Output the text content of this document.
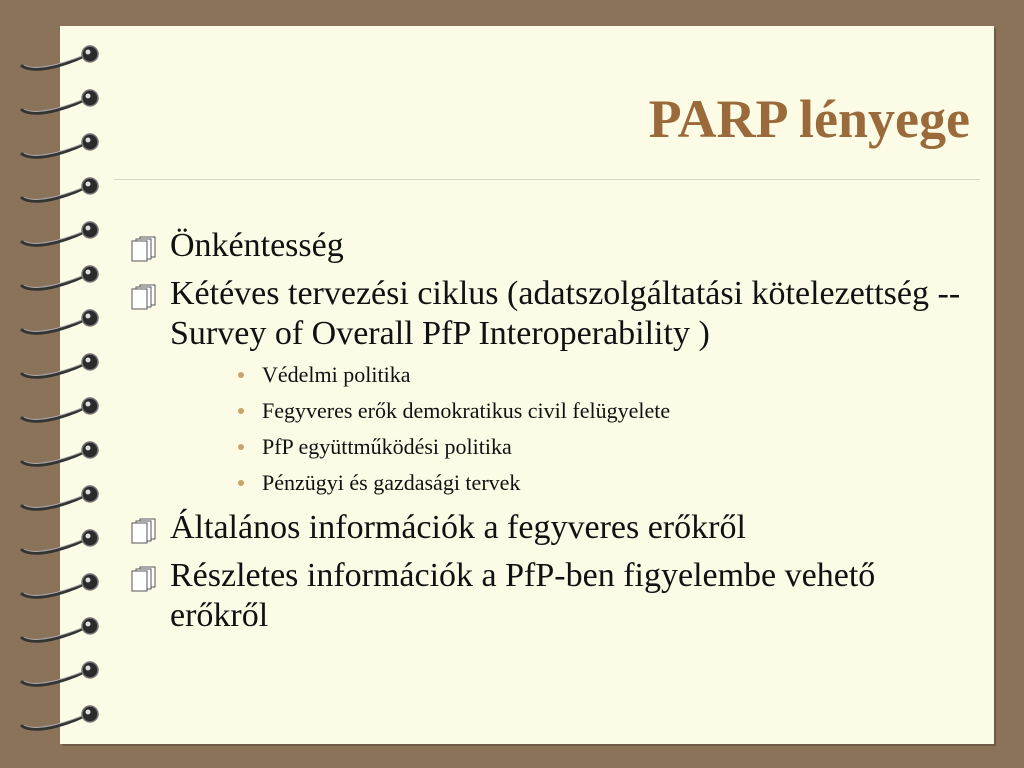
PARP lényege
Önkéntesség
Kétéves tervezési ciklus (adatszolgáltatási kötelezettség -- Survey of Overall PfP Interoperability )
Védelmi politika
Fegyveres erők demokratikus civil felügyelete
PfP együttműködési politika
Pénzügyi és gazdasági tervek
Általános információk a fegyveres erőkről
Részletes információk a PfP-ben figyelembe vehető erőkről
